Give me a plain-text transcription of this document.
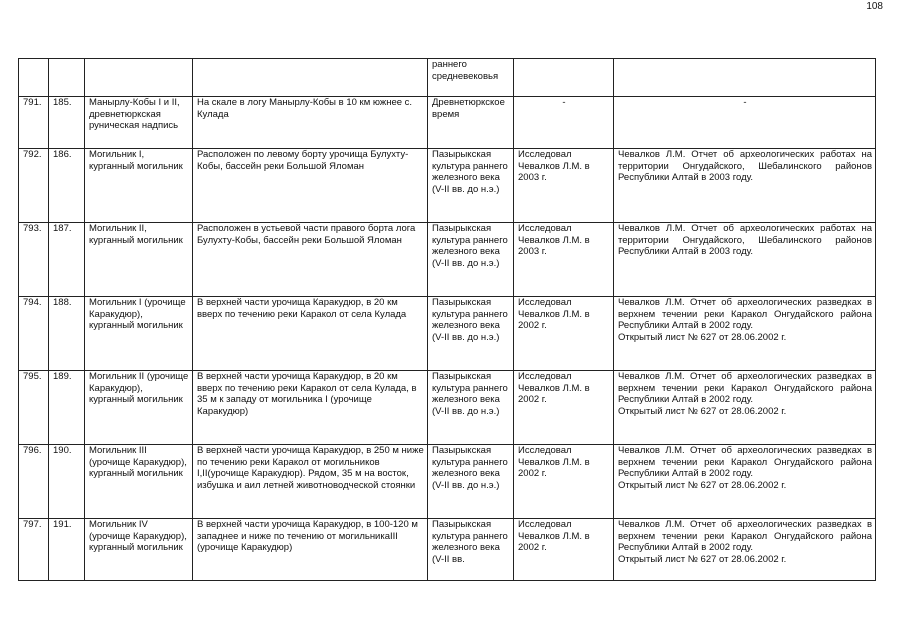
108

				раннего средневековья		

791.	185.	Манырлу-Кобы I и II, древнетюркская руническая надпись	На скале в логу Манырлу-Кобы в 10 км южнее с. Кулада	Древнетюркское время	-	-

792.	186.	Могильник I, курганный могильник	Расположен по левому борту урочища Булухту-Кобы, бассейн реки Большой Яломан	Пазырыкская культура раннего железного века (V-II вв. до н.э.)	Исследовал Чевалков Л.М. в 2003 г.	Чевалков Л.М. Отчет об археологических работах на территории Онгудайского, Шебалинского районов Республики Алтай в 2003 году.

793.	187.	Могильник II, курганный могильник	Расположен в устьевой части правого борта лога Булухту-Кобы, бассейн реки Большой Яломан	Пазырыкская культура раннего железного века (V-II вв. до н.э.)	Исследовал Чевалков Л.М. в 2003 г.	Чевалков Л.М. Отчет об археологических работах на территории Онгудайского, Шебалинского районов Республики Алтай в 2003 году.

794.	188.	Могильник I (урочище Каракудюр), курганный могильник	В верхней части урочища Каракудюр, в 20 км вверх по течению реки Каракол от села Кулада	Пазырыкская культура раннего железного века (V-II вв. до н.э.)	Исследовал Чевалков Л.М. в 2002 г.	Чевалков Л.М. Отчет об археологических разведках в верхнем течении реки Каракол Онгудайского района Республики Алтай в 2002 году.
Открытый лист № 627 от 28.06.2002 г.

795.	189.	Могильник II (урочище Каракудюр), курганный могильник	В верхней части урочища Каракудюр, в 20 км вверх по течению реки Каракол от села Кулада, в 35 м к западу от могильника I (урочище Каракудюр)	Пазырыкская культура раннего железного века (V-II вв. до н.э.)	Исследовал Чевалков Л.М. в 2002 г.	Чевалков Л.М. Отчет об археологических разведках в верхнем течении реки Каракол Онгудайского района Республики Алтай в 2002 году.
Открытый лист № 627 от 28.06.2002 г.

796.	190.	Могильник III (урочище Каракудюр), курганный могильник	В верхней части урочища Каракудюр, в 250 м ниже по течению реки Каракол от могильников I,II(урочище Каракудюр). Рядом, 35 м на восток, избушка и аил летней животноводческой стоянки	Пазырыкская культура раннего железного века (V-II вв. до н.э.)	Исследовал Чевалков Л.М. в 2002 г.	Чевалков Л.М. Отчет об археологических разведках в верхнем течении реки Каракол Онгудайского района Республики Алтай в 2002 году.
Открытый лист № 627 от 28.06.2002 г.

797.	191.	Могильник IV (урочище Каракудюр), курганный могильник	В верхней части урочища Каракудюр, в 100-120 м западнее и ниже по течению от могильникаIII (урочище Каракудюр)	Пазырыкская культура раннего железного века (V-II вв.	Исследовал Чевалков Л.М. в 2002 г.	Чевалков Л.М. Отчет об археологических разведках в верхнем течении реки Каракол Онгудайского района Республики Алтай в 2002 году.
Открытый лист № 627 от 28.06.2002 г.
